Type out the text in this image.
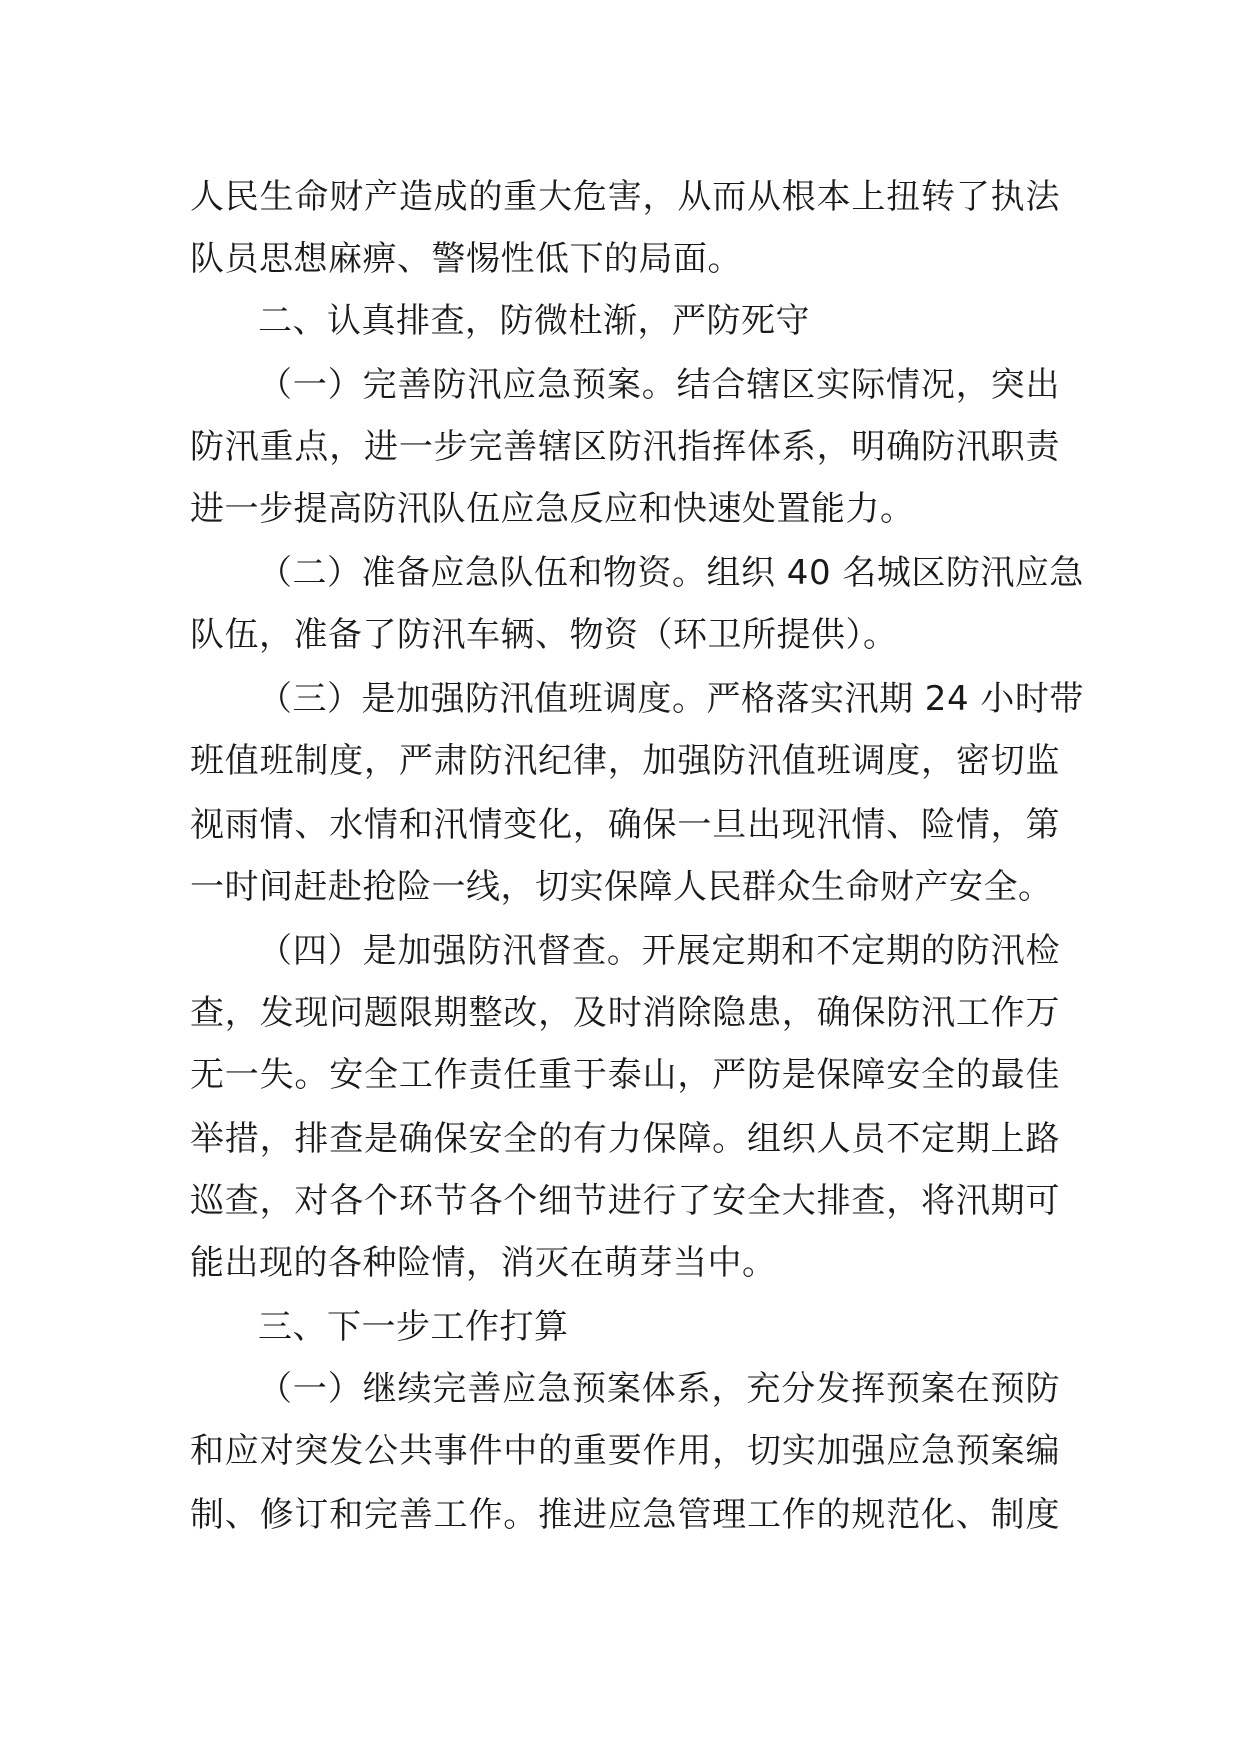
人民生命财产造成的重大危害，从而从根本上扭转了执法
队员思想麻痹、警惕性低下的局面。
二、认真排查，防微杜渐，严防死守
（一）完善防汛应急预案。结合辖区实际情况，突出
防汛重点，进一步完善辖区防汛指挥体系，明确防汛职责
进一步提高防汛队伍应急反应和快速处置能力。
（二）准备应急队伍和物资。组织 40 名城区防汛应急
队伍，准备了防汛车辆、物资（环卫所提供）。
（三）是加强防汛值班调度。严格落实汛期 24 小时带
班值班制度，严肃防汛纪律，加强防汛值班调度，密切监
视雨情、水情和汛情变化，确保一旦出现汛情、险情，第
一时间赶赴抢险一线，切实保障人民群众生命财产安全。
（四）是加强防汛督查。开展定期和不定期的防汛检
查，发现问题限期整改，及时消除隐患，确保防汛工作万
无一失。安全工作责任重于泰山，严防是保障安全的最佳
举措，排查是确保安全的有力保障。组织人员不定期上路
巡查，对各个环节各个细节进行了安全大排查，将汛期可
能出现的各种险情，消灭在萌芽当中。
三、下一步工作打算
（一）继续完善应急预案体系，充分发挥预案在预防
和应对突发公共事件中的重要作用，切实加强应急预案编
制、修订和完善工作。推进应急管理工作的规范化、制度
